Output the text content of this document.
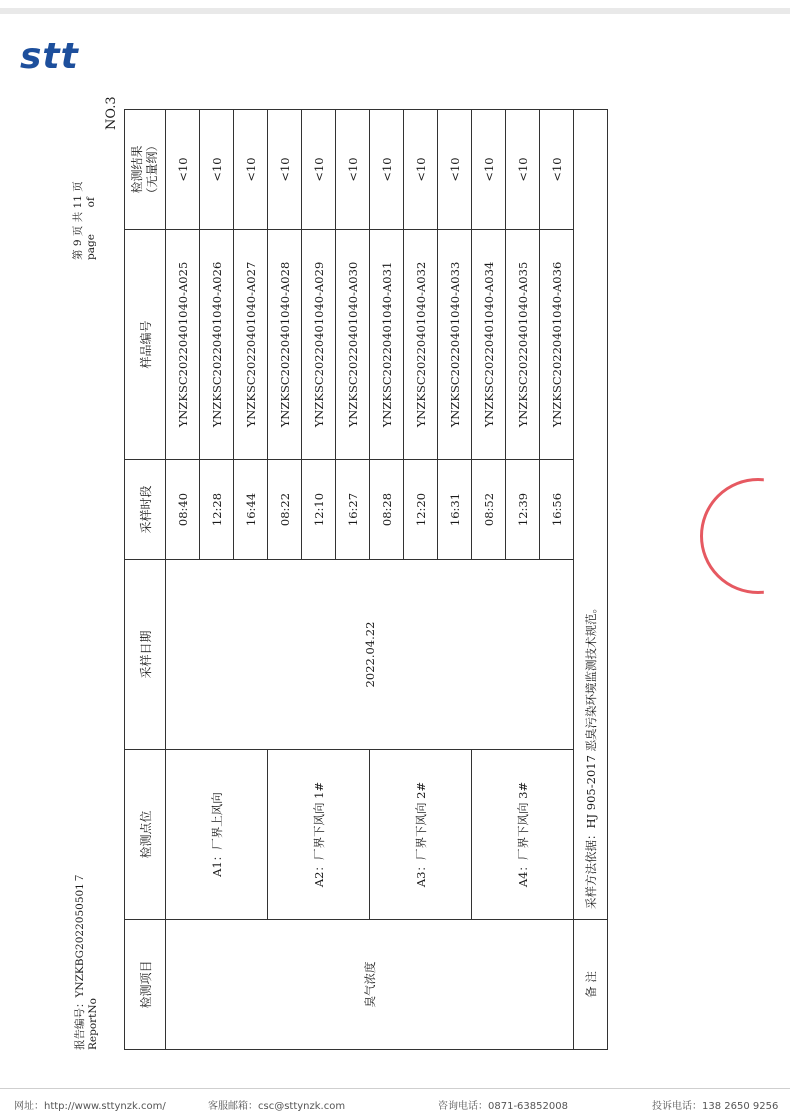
stt
报告编号：YNZKBG2022050501７
ReportNo
第 9 页 共 11 页 page        of
NO.3
检测项目	检测点位	采样日期	采样时段	样品编号	检测结果
（无量纲）
臭气浓度	A1：厂界上风向	2022.04.22	08:40	YNZKSC20220401040-A025	<10
			12:28	YNZKSC20220401040-A026	<10
			16:44	YNZKSC20220401040-A027	<10
	A2：厂界下风向 1#		08:22	YNZKSC20220401040-A028	<10
			12:10	YNZKSC20220401040-A029	<10
			16:27	YNZKSC20220401040-A030	<10
	A3：厂界下风向 2#		08:28	YNZKSC20220401040-A031	<10
			12:20	YNZKSC20220401040-A032	<10
			16:31	YNZKSC20220401040-A033	<10
	A4：厂界下风向 3#		08:52	YNZKSC20220401040-A034	<10
			12:39	YNZKSC20220401040-A035	<10
			16:56	YNZKSC20220401040-A036	<10
备 注	采样方法依据：HJ 905-2017 恶臭污染环境监测技术规范。				
网址：http://www.sttynzk.com/	客服邮箱：csc@sttynzk.com	咨询电话：0871-63852008	投诉电话：138 2650 9256
